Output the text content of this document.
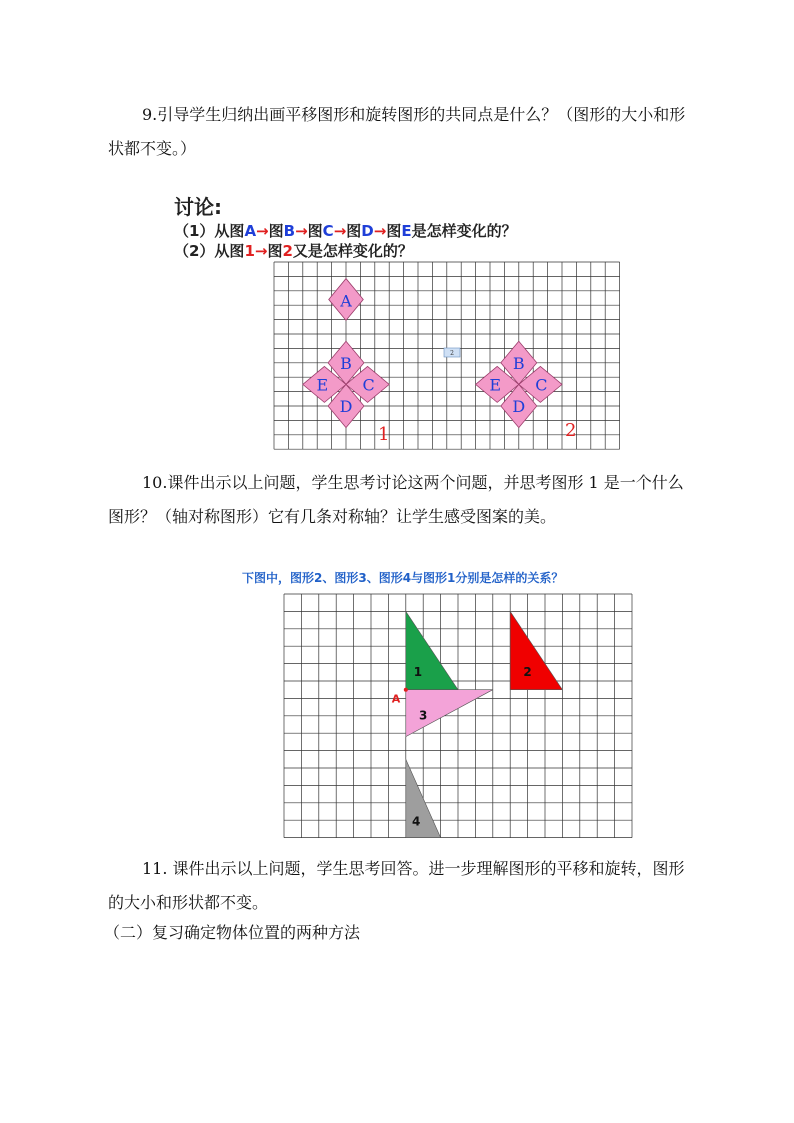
9.引导学生归纳出画平移图形和旋转图形的共同点是什么？（图形的大小和形状都不变。）

讨论:
（1）从图A→图B→图C→图D→图E是怎样变化的？
（2）从图1→图2又是怎样变化的？
A
B
C
D
E
B
C
D
E
2
1	2

10.课件出示以上问题，学生思考讨论这两个问题，并思考图形 1 是一个什么图形？（轴对称图形）它有几条对称轴？让学生感受图案的美。

下图中，图形2、图形3、图形4与图形1分别是怎样的关系？
1	2
3
4
A

11. 课件出示以上问题，学生思考回答。进一步理解图形的平移和旋转，图形的大小和形状都不变。

（二）复习确定物体位置的两种方法
